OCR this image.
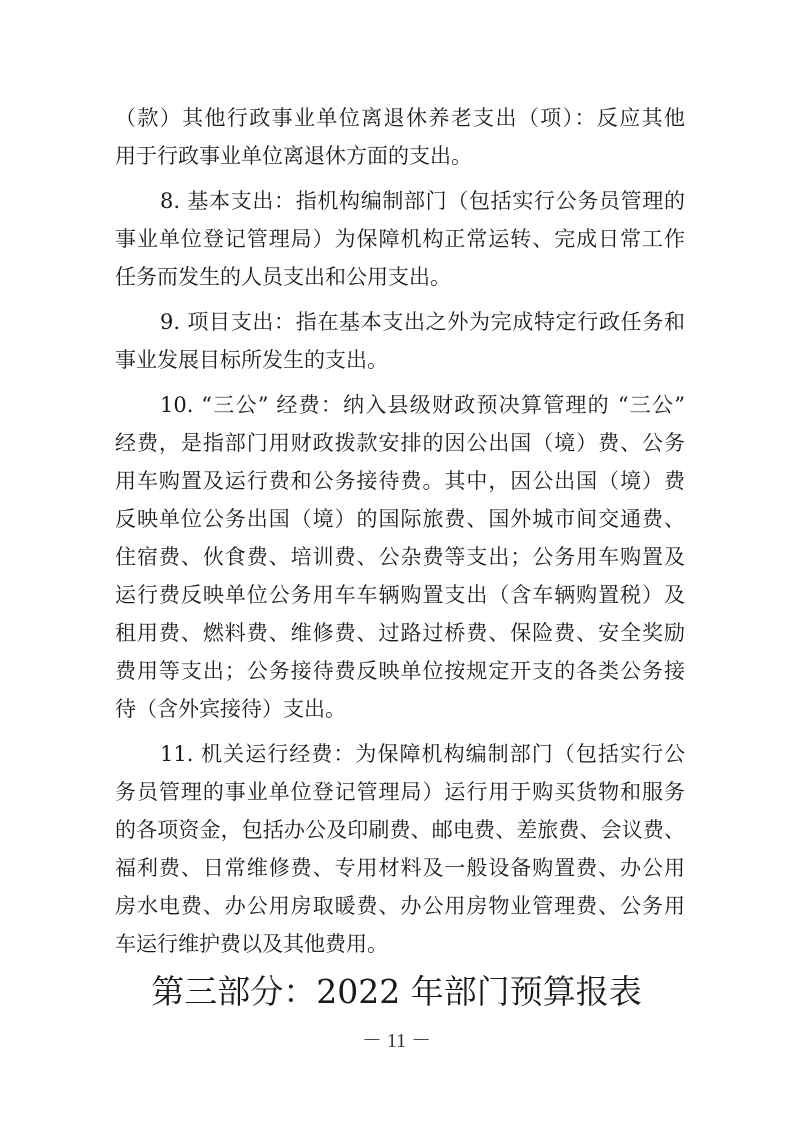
（款）其他行政事业单位离退休养老支出（项）：反应其他
用于行政事业单位离退休方面的支出。
8. 基本支出：指机构编制部门（包括实行公务员管理的
事业单位登记管理局）为保障机构正常运转、完成日常工作
任务而发生的人员支出和公用支出。
9. 项目支出：指在基本支出之外为完成特定行政任务和
事业发展目标所发生的支出。
10. “三公” 经费：纳入县级财政预决算管理的 “三公”
经费，是指部门用财政拨款安排的因公出国（境）费、公务
用车购置及运行费和公务接待费。其中，因公出国（境）费
反映单位公务出国（境）的国际旅费、国外城市间交通费、
住宿费、伙食费、培训费、公杂费等支出；公务用车购置及
运行费反映单位公务用车车辆购置支出（含车辆购置税）及
租用费、燃料费、维修费、过路过桥费、保险费、安全奖励
费用等支出；公务接待费反映单位按规定开支的各类公务接
待（含外宾接待）支出。
11. 机关运行经费：为保障机构编制部门（包括实行公
务员管理的事业单位登记管理局）运行用于购买货物和服务
的各项资金，包括办公及印刷费、邮电费、差旅费、会议费、
福利费、日常维修费、专用材料及一般设备购置费、办公用
房水电费、办公用房取暖费、办公用房物业管理费、公务用
车运行维护费以及其他费用。
第三部分：2022 年部门预算报表
－ 11 －
